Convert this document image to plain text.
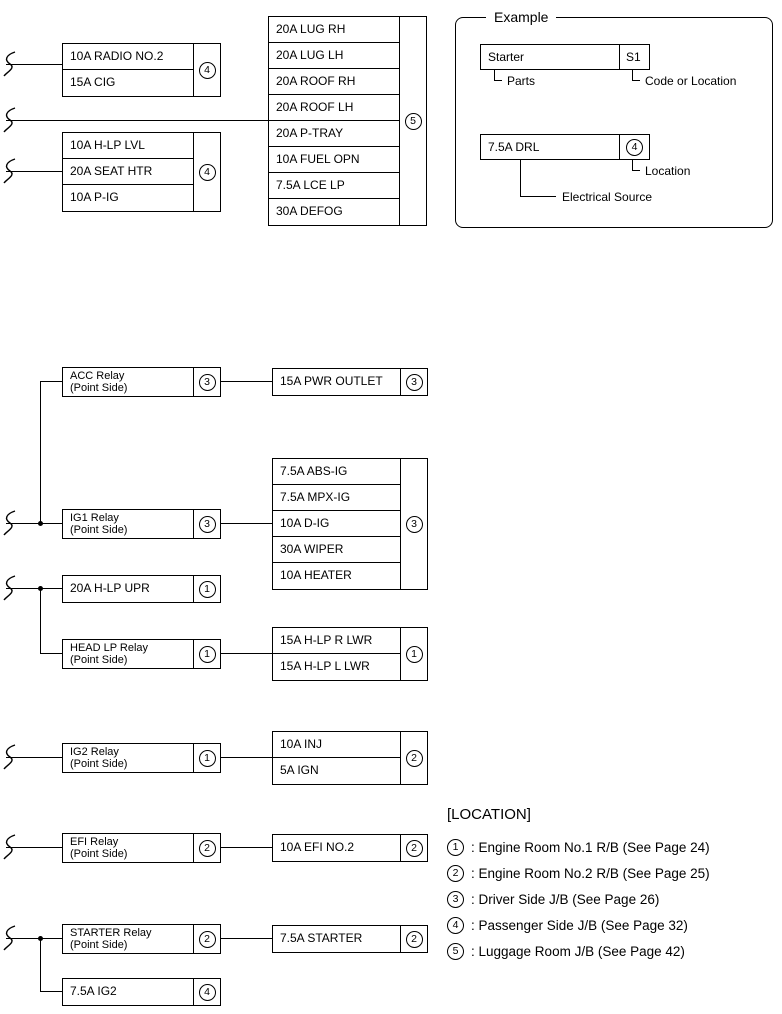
10A RADIO NO.2
15A CIG
4
10A H-LP LVL
20A SEAT HTR
10A P-IG
4
20A LUG RH
20A LUG LH
20A ROOF RH
20A ROOF LH
20A P-TRAY
10A FUEL OPN
7.5A LCE LP
30A DEFOG
5
Example
Starter	S1
Parts	Code or Location
7.5A DRL	4
Location
Electrical Source
ACC Relay
(Point Side)	3	15A PWR OUTLET	3
IG1 Relay
(Point Side)	3
7.5A ABS-IG
7.5A MPX-IG
10A D-IG
30A WIPER
10A HEATER
3
20A H-LP UPR	1
HEAD LP Relay
(Point Side)	1
15A H-LP R LWR
15A H-LP L LWR
1
IG2 Relay
(Point Side)	1
10A INJ
5A IGN
2
EFI Relay
(Point Side)	2	10A EFI NO.2	2
STARTER Relay
(Point Side)	2	7.5A STARTER	2
7.5A IG2	4
[LOCATION]
1 : Engine Room No.1 R/B (See Page 24)
2 : Engine Room No.2 R/B (See Page 25)
3 : Driver Side J/B (See Page 26)
4 : Passenger Side J/B (See Page 32)
5 : Luggage Room J/B (See Page 42)
